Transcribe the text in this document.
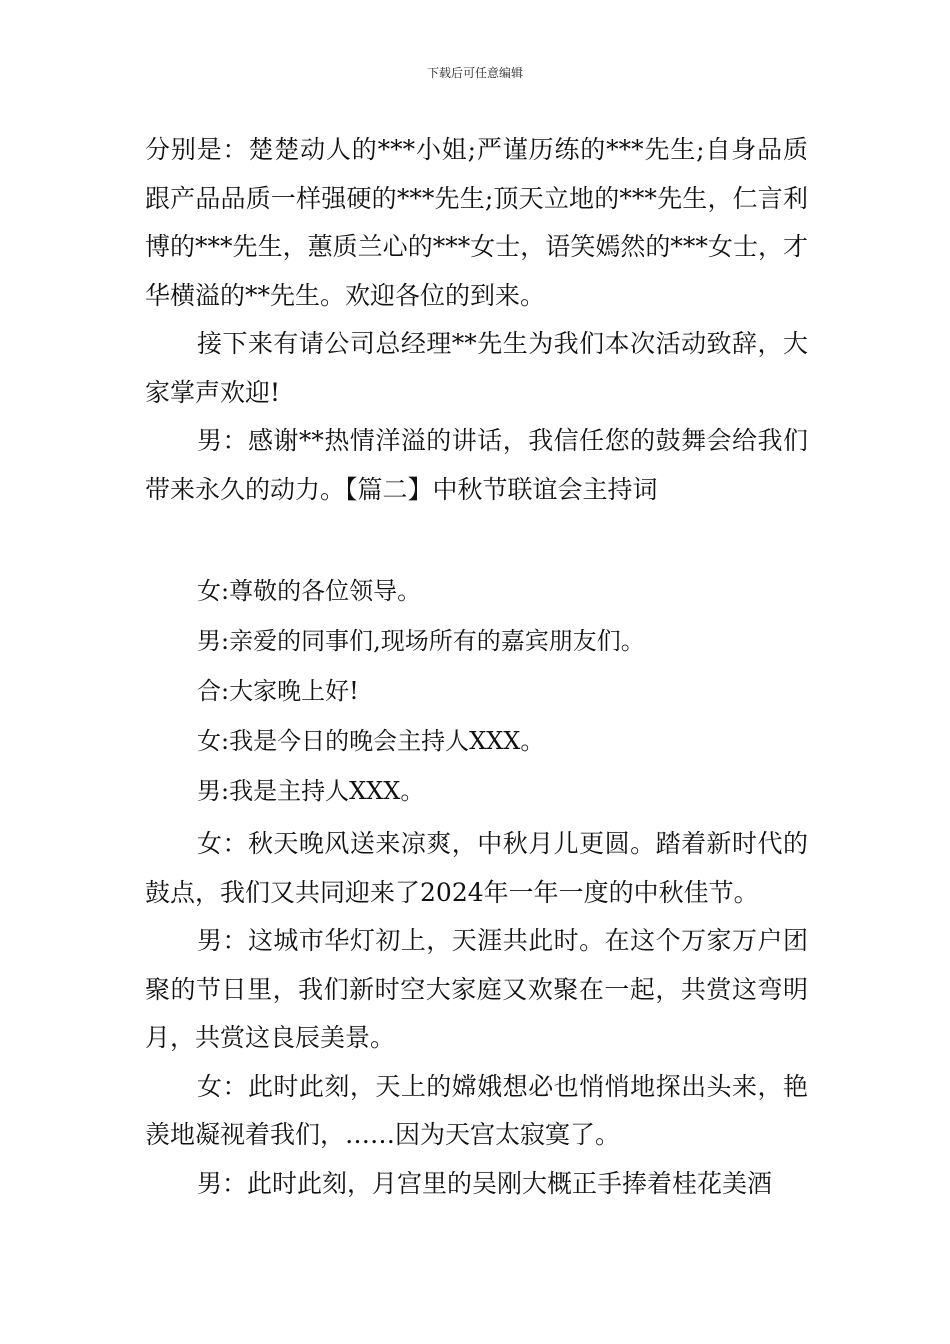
下载后可任意编辑

分别是：楚楚动人的***小姐;严谨历练的***先生;自身品质跟产品品质一样强硬的***先生;顶天立地的***先生，仁言利博的***先生，蕙质兰心的***女士，语笑嫣然的***女士，才华横溢的**先生。欢迎各位的到来。

接下来有请公司总经理**先生为我们本次活动致辞，大家掌声欢迎!

男：感谢**热情洋溢的讲话，我信任您的鼓舞会给我们带来永久的动力。【篇二】中秋节联谊会主持词

女:尊敬的各位领导。

男:亲爱的同事们,现场所有的嘉宾朋友们。

合:大家晚上好!

女:我是今日的晚会主持人XXX。

男:我是主持人XXX。

女：秋天晚风送来凉爽，中秋月儿更圆。踏着新时代的鼓点，我们又共同迎来了2024年一年一度的中秋佳节。

男：这城市华灯初上，天涯共此时。在这个万家万户团聚的节日里，我们新时空大家庭又欢聚在一起，共赏这弯明月，共赏这良辰美景。

女：此时此刻，天上的嫦娥想必也悄悄地探出头来，艳羡地凝视着我们，……因为天宫太寂寞了。

男：此时此刻，月宫里的吴刚大概正手捧着桂花美酒
